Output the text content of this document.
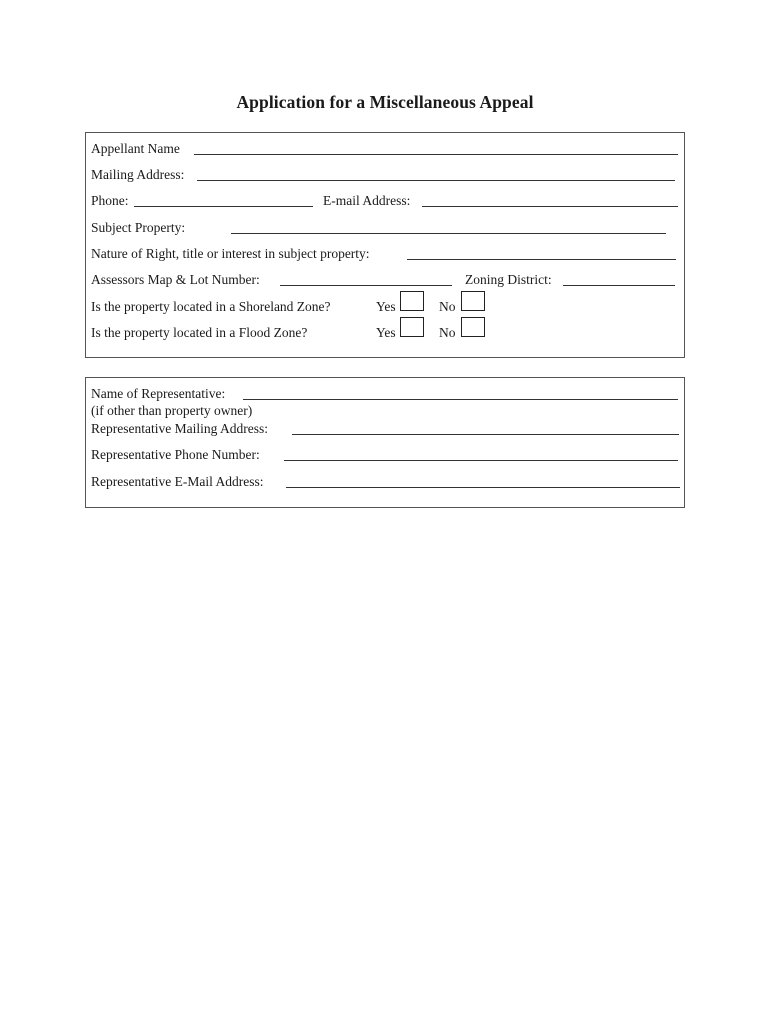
Application for a Miscellaneous Appeal
Appellant Name
Mailing Address:
Phone:	E-mail Address:
Subject Property:
Nature of Right, title or interest in subject property:
Assessors Map & Lot Number:	Zoning District:
Is the property located in a Shoreland Zone?	Yes	No
Is the property located in a Flood Zone?	Yes	No
Name of Representative:
(if other than property owner)
Representative Mailing Address:
Representative Phone Number:
Representative E-Mail Address:
